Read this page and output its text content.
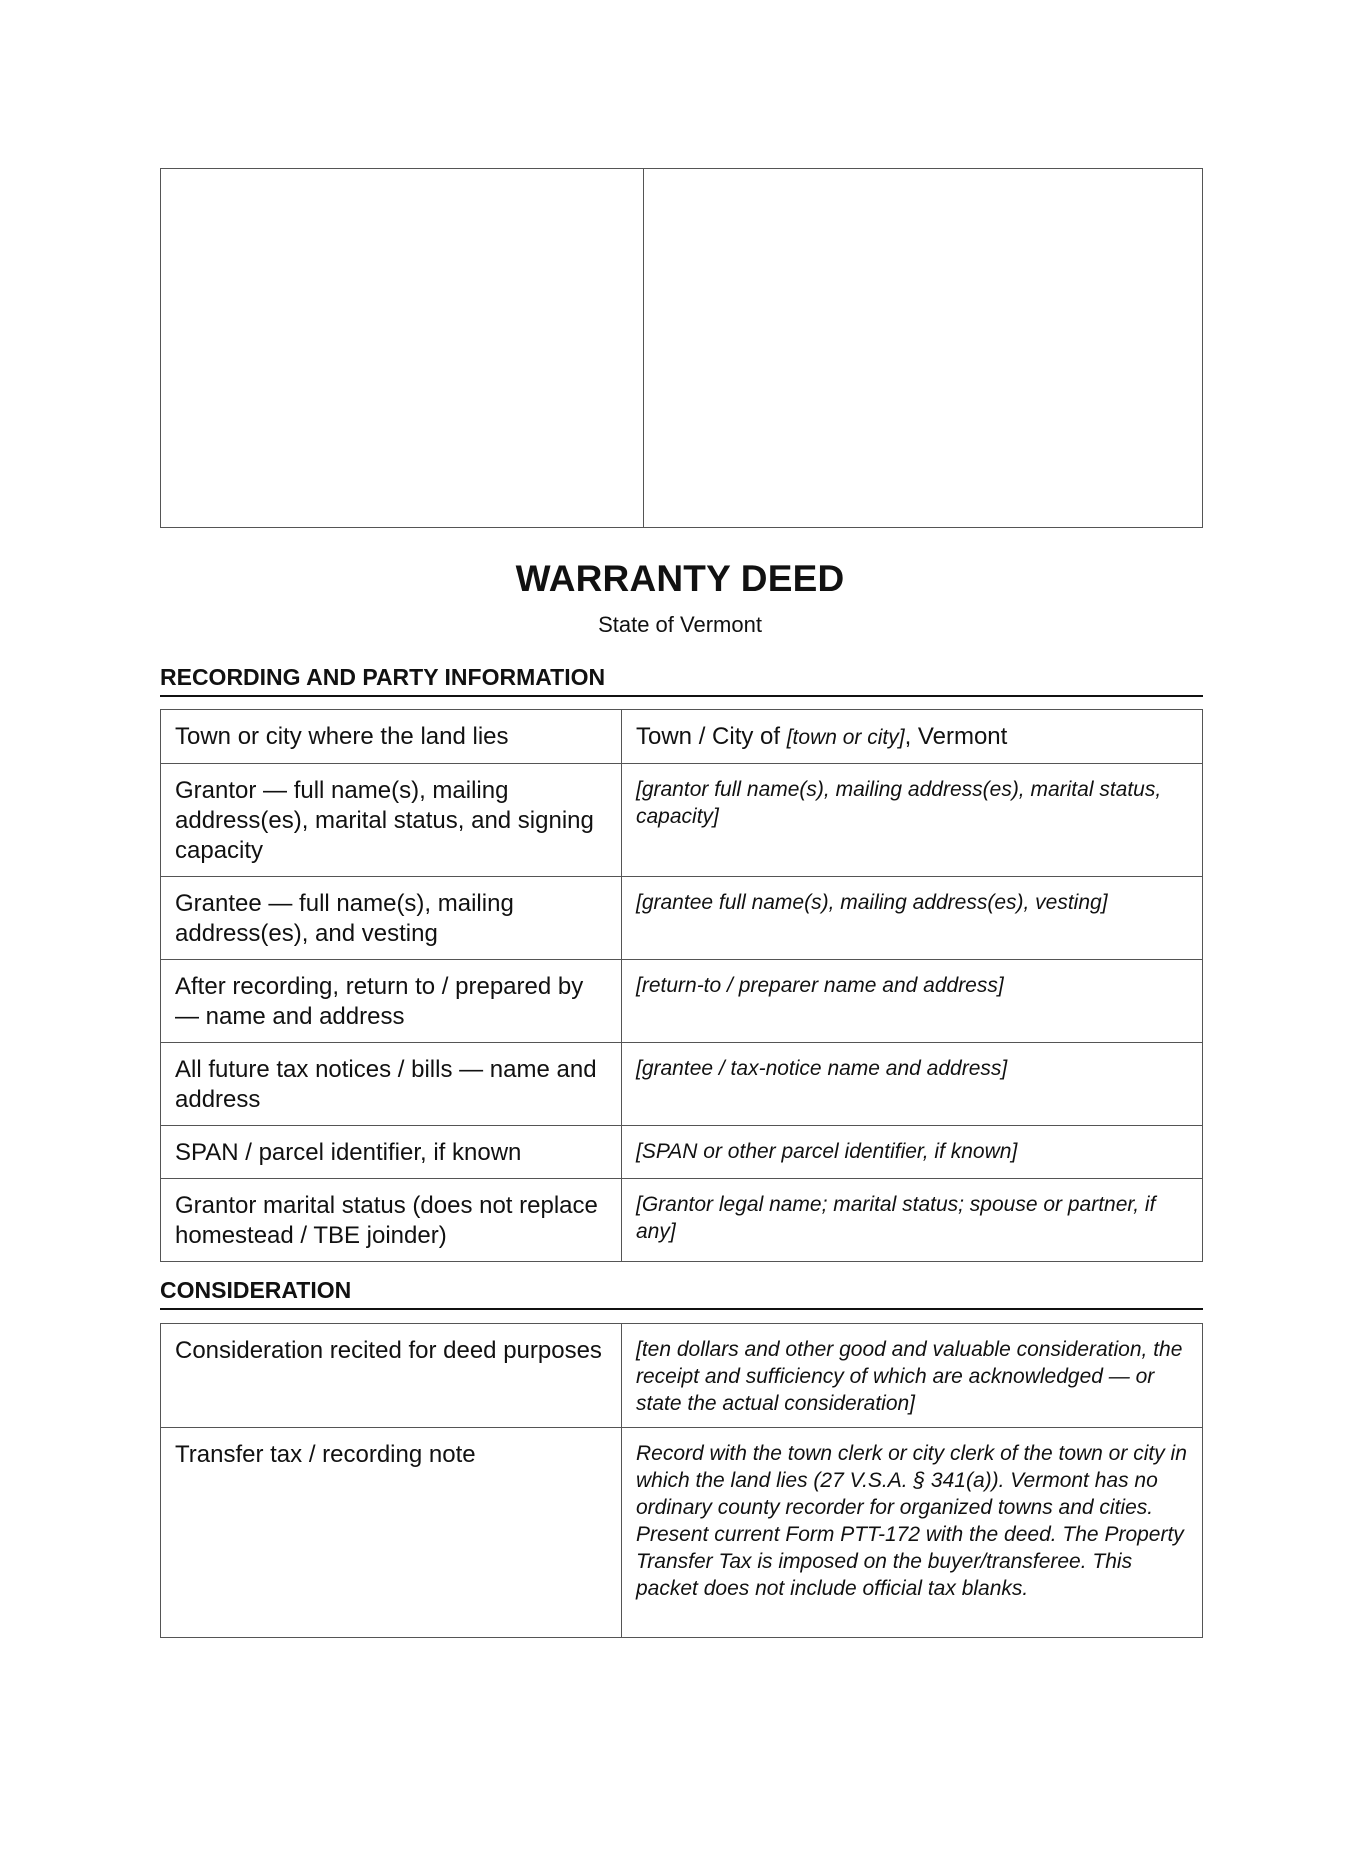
WARRANTY DEED
State of Vermont
RECORDING AND PARTY INFORMATION
Town or city where the land lies	Town / City of [town or city], Vermont
Grantor — full name(s), mailing address(es), marital status, and signing capacity	[grantor full name(s), mailing address(es), marital status, capacity]
Grantee — full name(s), mailing address(es), and vesting	[grantee full name(s), mailing address(es), vesting]
After recording, return to / prepared by — name and address	[return-to / preparer name and address]
All future tax notices / bills — name and address	[grantee / tax-notice name and address]
SPAN / parcel identifier, if known	[SPAN or other parcel identifier, if known]
Grantor marital status (does not replace homestead / TBE joinder)	[Grantor legal name; marital status; spouse or partner, if any]
CONSIDERATION
Consideration recited for deed purposes	[ten dollars and other good and valuable consideration, the receipt and sufficiency of which are acknowledged — or state the actual consideration]
Transfer tax / recording note	Record with the town clerk or city clerk of the town or city in which the land lies (27 V.S.A. § 341(a)). Vermont has no ordinary county recorder for organized towns and cities. Present current Form PTT-172 with the deed. The Property Transfer Tax is imposed on the buyer/transferee. This packet does not include official tax blanks.
